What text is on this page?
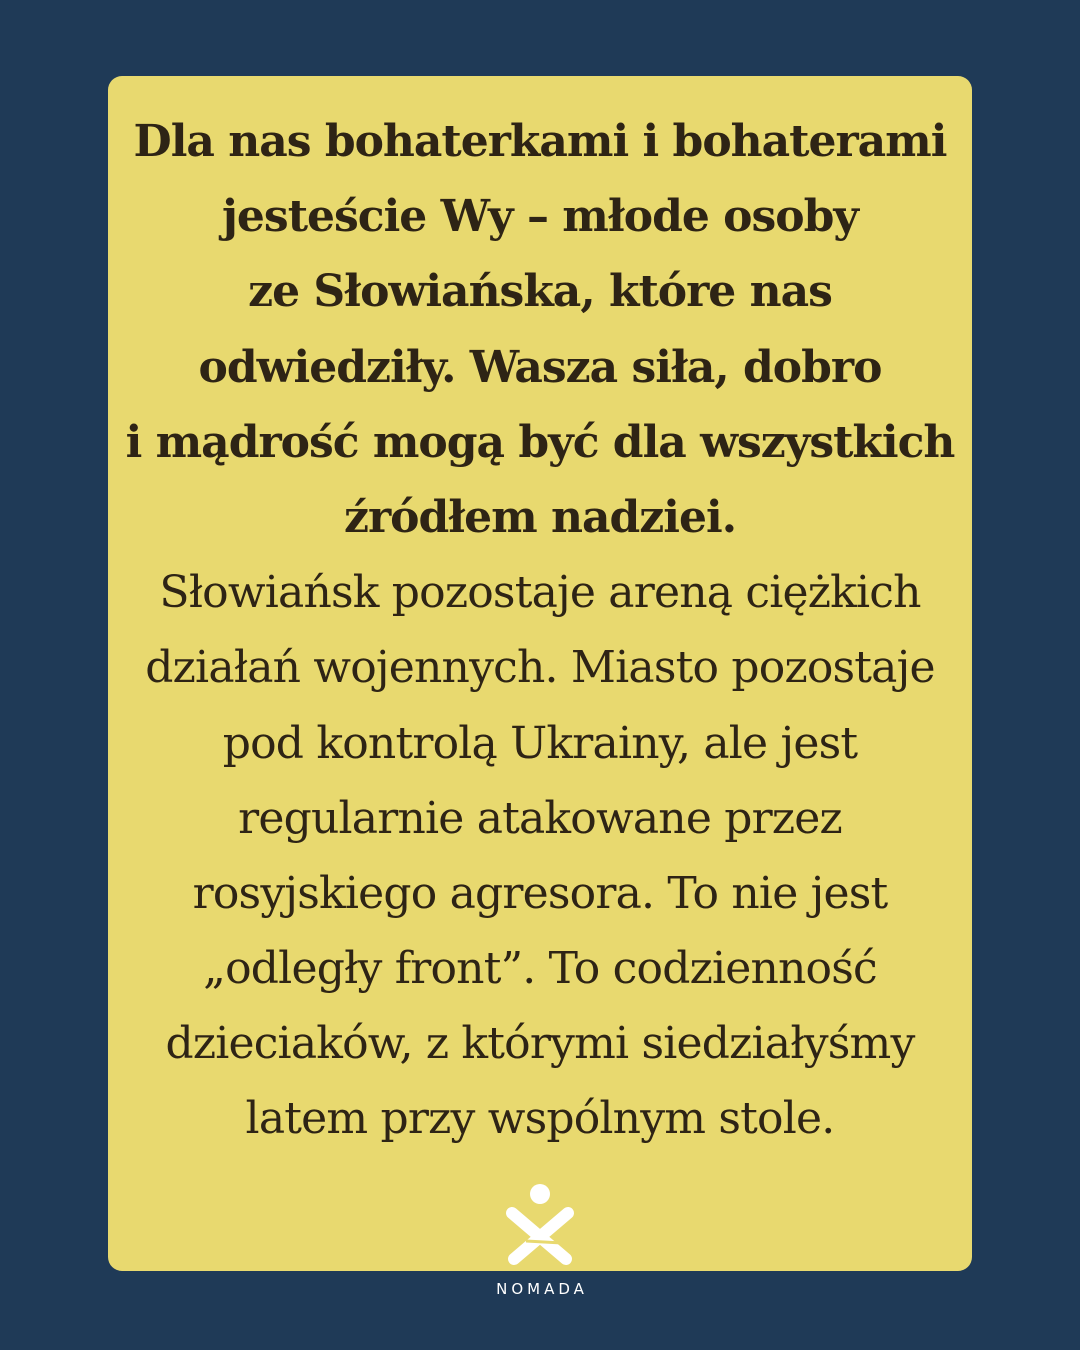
Dla nas bohaterkami i bohaterami
jesteście Wy – młode osoby
ze Słowiańska, które nas
odwiedziły. Wasza siła, dobro
i mądrość mogą być dla wszystkich
źródłem nadziei.
Słowiańsk pozostaje areną ciężkich
działań wojennych. Miasto pozostaje
pod kontrolą Ukrainy, ale jest
regularnie atakowane przez
rosyjskiego agresora. To nie jest
„odległy front”. To codzienność
dzieciaków, z którymi siedziałyśmy
latem przy wspólnym stole.
NOMADA
